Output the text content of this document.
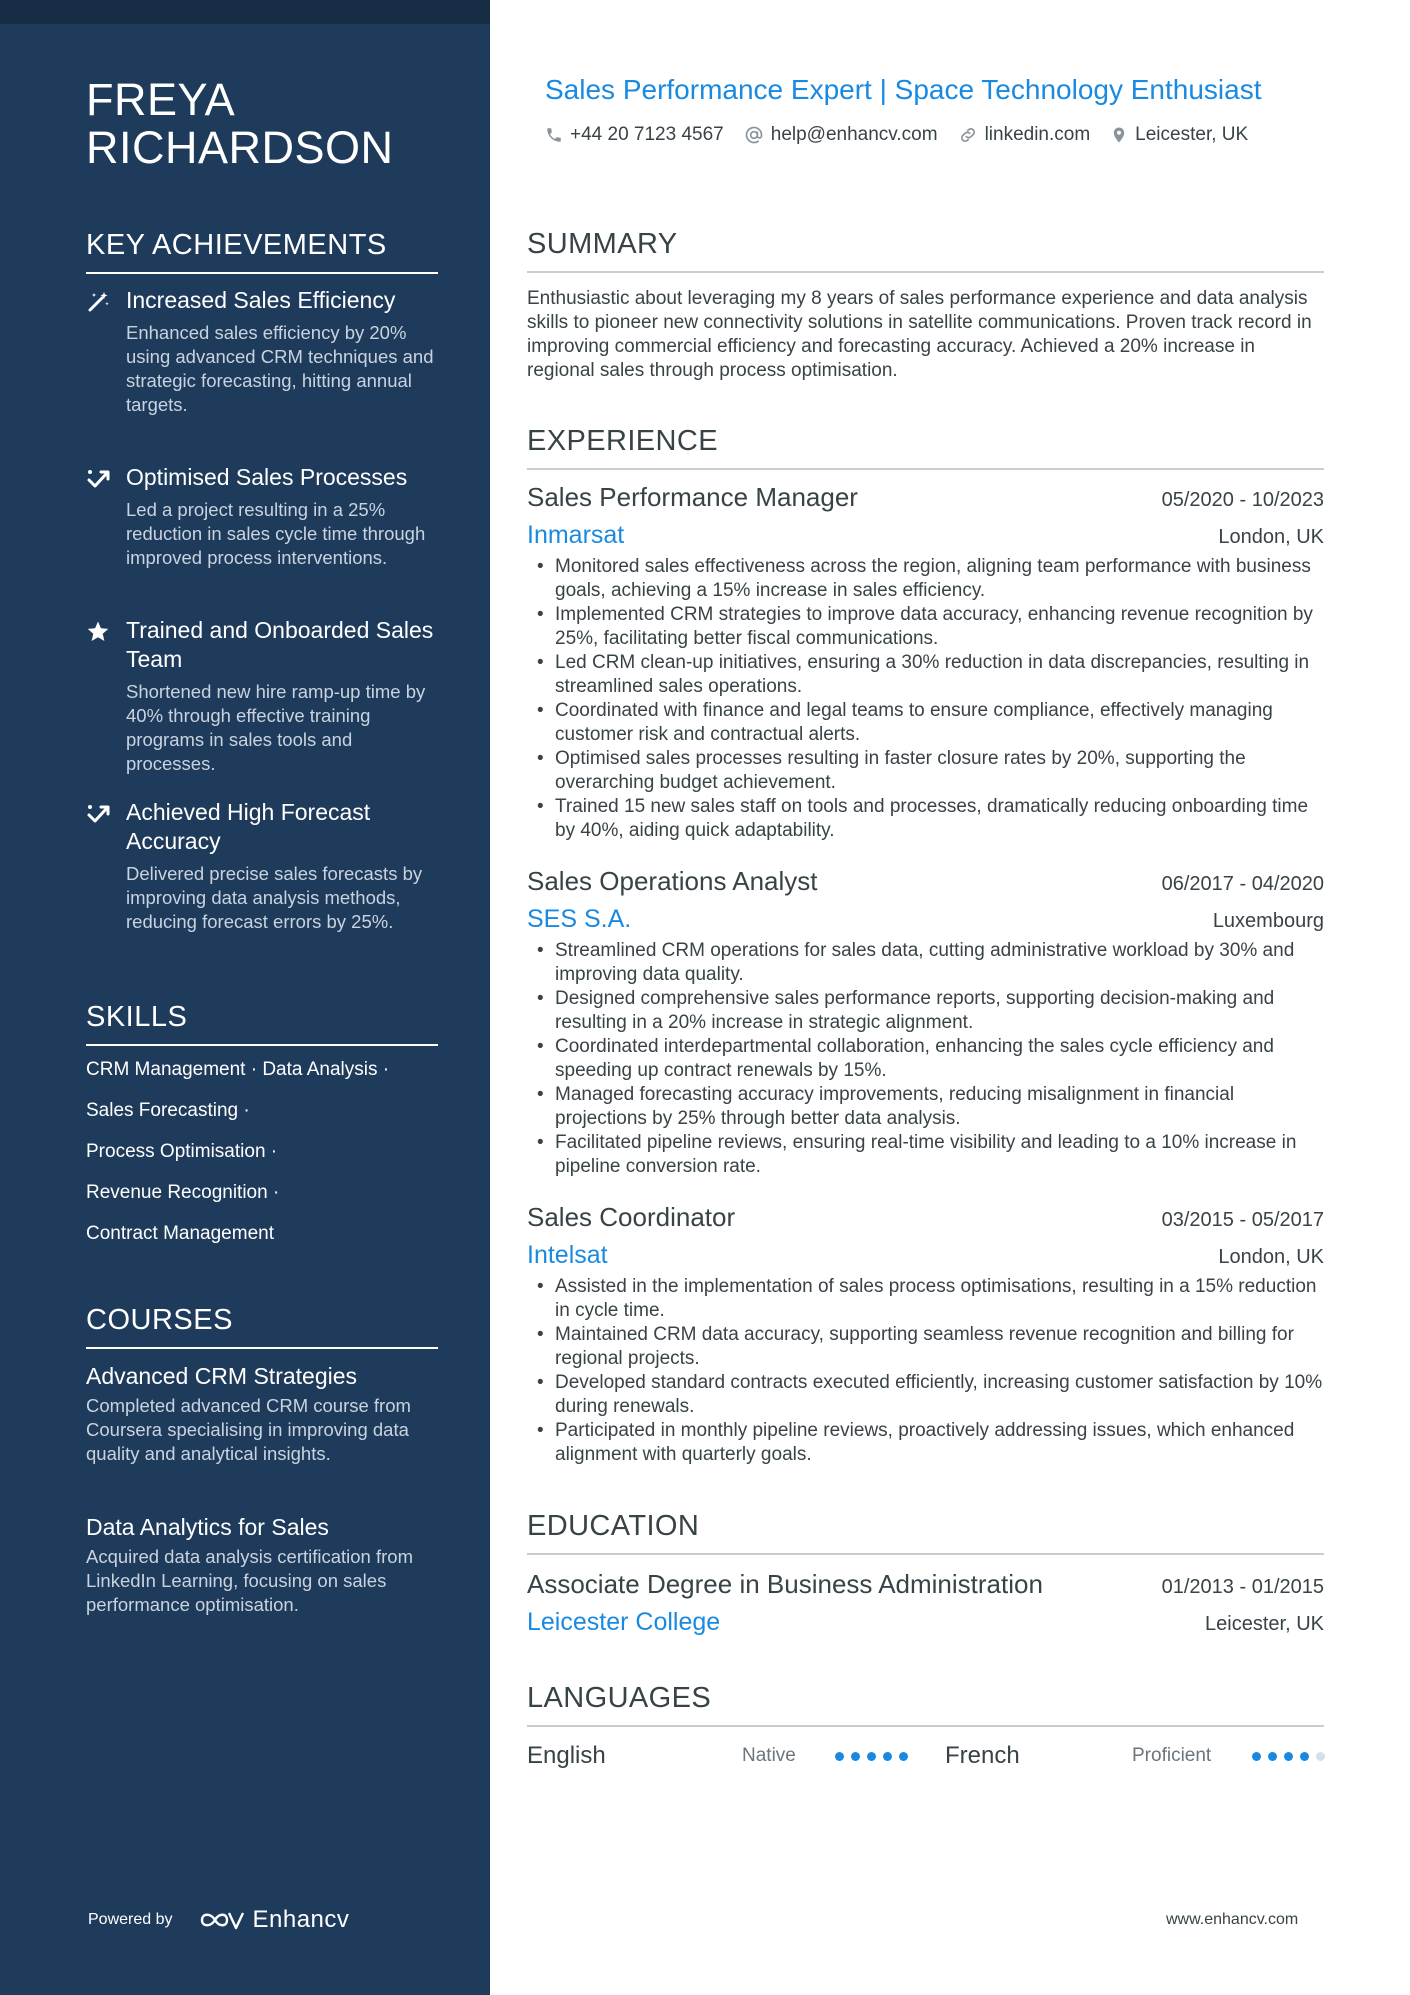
FREYA
RICHARDSON
KEY ACHIEVEMENTS
Increased Sales Efficiency
Enhanced sales efficiency by 20% using advanced CRM techniques and strategic forecasting, hitting annual targets.
Optimised Sales Processes
Led a project resulting in a 25% reduction in sales cycle time through improved process interventions.
Trained and Onboarded Sales Team
Shortened new hire ramp-up time by 40% through effective training programs in sales tools and processes.
Achieved High Forecast Accuracy
Delivered precise sales forecasts by improving data analysis methods, reducing forecast errors by 25%.
SKILLS
CRM Management · Data Analysis ·
Sales Forecasting ·
Process Optimisation ·
Revenue Recognition ·
Contract Management
COURSES
Advanced CRM Strategies
Completed advanced CRM course from Coursera specialising in improving data quality and analytical insights.
Data Analytics for Sales
Acquired data analysis certification from LinkedIn Learning, focusing on sales performance optimisation.
Powered by	Enhancv
Sales Performance Expert | Space Technology Enthusiast
+44 20 7123 4567 help@enhancv.com linkedin.com Leicester, UK
SUMMARY
Enthusiastic about leveraging my 8 years of sales performance experience and data analysis skills to pioneer new connectivity solutions in satellite communications. Proven track record in improving commercial efficiency and forecasting accuracy. Achieved a 20% increase in regional sales through process optimisation.
EXPERIENCE
Sales Performance Manager	05/2020 - 10/2023
Inmarsat	London, UK
• Monitored sales effectiveness across the region, aligning team performance with business goals, achieving a 15% increase in sales efficiency.
• Implemented CRM strategies to improve data accuracy, enhancing revenue recognition by 25%, facilitating better fiscal communications.
• Led CRM clean-up initiatives, ensuring a 30% reduction in data discrepancies, resulting in streamlined sales operations.
• Coordinated with finance and legal teams to ensure compliance, effectively managing customer risk and contractual alerts.
• Optimised sales processes resulting in faster closure rates by 20%, supporting the overarching budget achievement.
• Trained 15 new sales staff on tools and processes, dramatically reducing onboarding time by 40%, aiding quick adaptability.
Sales Operations Analyst	06/2017 - 04/2020
SES S.A.	Luxembourg
• Streamlined CRM operations for sales data, cutting administrative workload by 30% and improving data quality.
• Designed comprehensive sales performance reports, supporting decision-making and resulting in a 20% increase in strategic alignment.
• Coordinated interdepartmental collaboration, enhancing the sales cycle efficiency and speeding up contract renewals by 15%.
• Managed forecasting accuracy improvements, reducing misalignment in financial projections by 25% through better data analysis.
• Facilitated pipeline reviews, ensuring real-time visibility and leading to a 10% increase in pipeline conversion rate.
Sales Coordinator	03/2015 - 05/2017
Intelsat	London, UK
• Assisted in the implementation of sales process optimisations, resulting in a 15% reduction in cycle time.
• Maintained CRM data accuracy, supporting seamless revenue recognition and billing for regional projects.
• Developed standard contracts executed efficiently, increasing customer satisfaction by 10% during renewals.
• Participated in monthly pipeline reviews, proactively addressing issues, which enhanced alignment with quarterly goals.
EDUCATION
Associate Degree in Business Administration	01/2013 - 01/2015
Leicester College	Leicester, UK
LANGUAGES
English	Native	French	Proficient
www.enhancv.com
